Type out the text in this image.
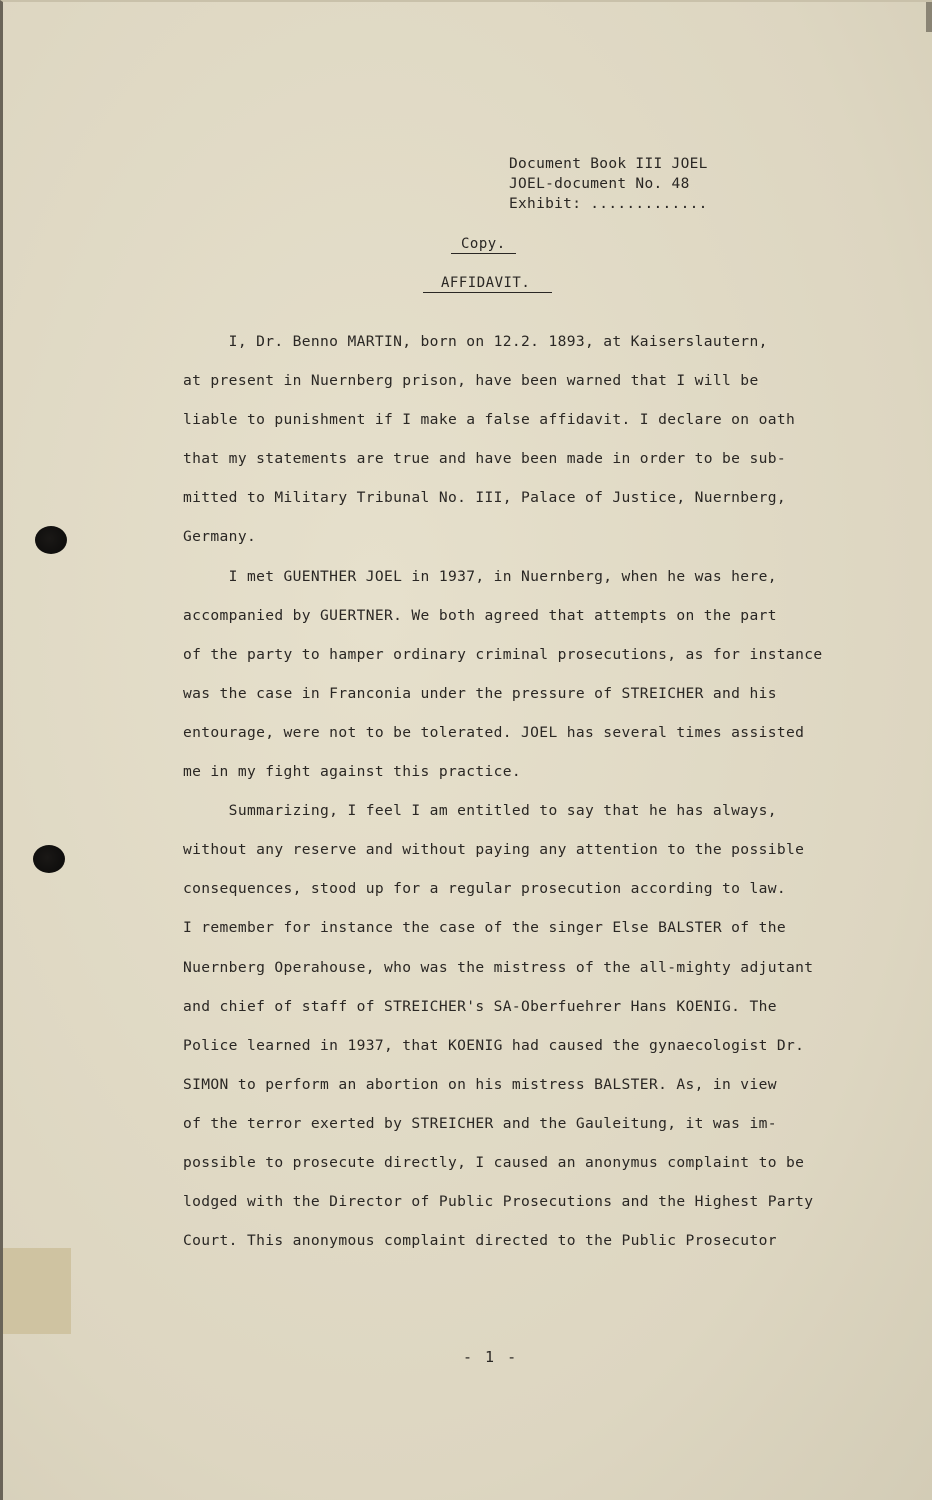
Document Book III JOEL
JOEL-document No. 48
Exhibit: .............
Copy.
AFFIDAVIT.
I, Dr. Benno MARTIN, born on 12.2. 1893, at Kaiserslautern,
at present in Nuernberg prison, have been warned that I will be
liable to punishment if I make a false affidavit. I declare on oath
that my statements are true and have been made in order to be sub-
mitted to Military Tribunal No. III, Palace of Justice, Nuernberg,
Germany.
I met GUENTHER JOEL in 1937, in Nuernberg, when he was here,
accompanied by GUERTNER. We both agreed that attempts on the part
of the party to hamper ordinary criminal prosecutions, as for instance
was the case in Franconia under the pressure of STREICHER and his
entourage, were not to be tolerated. JOEL has several times assisted
me in my fight against this practice.
Summarizing, I feel I am entitled to say that he has always,
without any reserve and without paying any attention to the possible
consequences, stood up for a regular prosecution according to law.
I remember for instance the case of the singer Else BALSTER of the
Nuernberg Operahouse, who was the mistress of the all-mighty adjutant
and chief of staff of STREICHER's SA-Oberfuehrer Hans KOENIG. The
Police learned in 1937, that KOENIG had caused the gynaecologist Dr.
SIMON to perform an abortion on his mistress BALSTER. As, in view
of the terror exerted by STREICHER and the Gauleitung, it was im-
possible to prosecute directly, I caused an anonymus complaint to be
lodged with the Director of Public Prosecutions and the Highest Party
Court. This anonymous complaint directed to the Public Prosecutor
- 1 -
